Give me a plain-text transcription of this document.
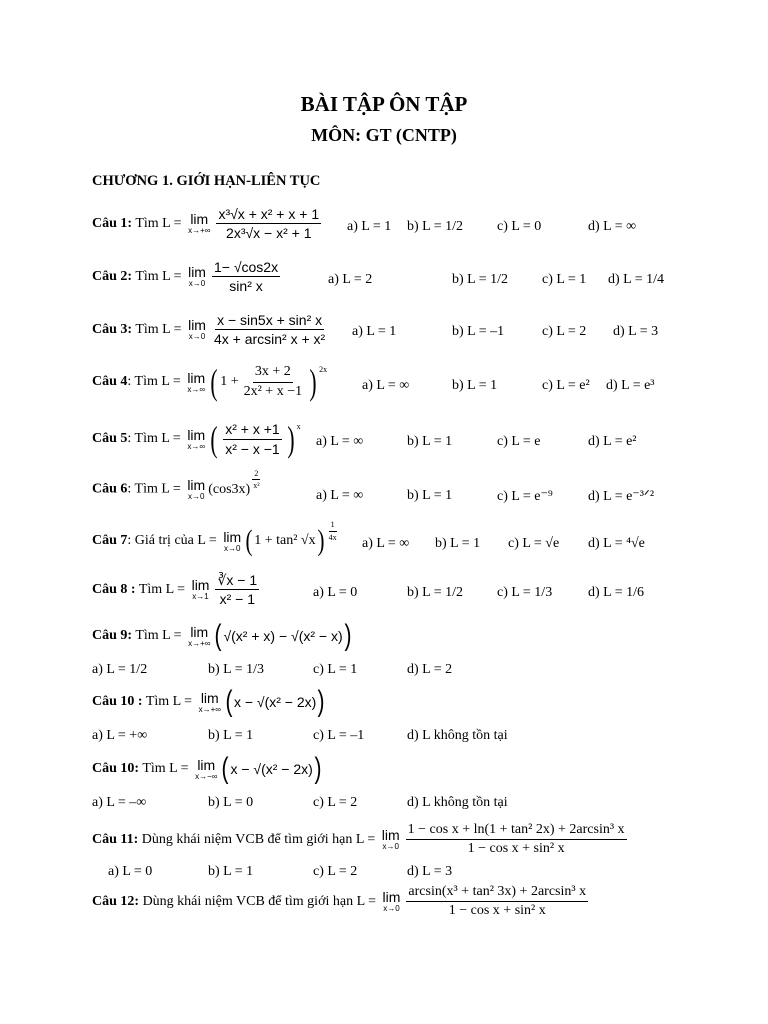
BÀI TẬP ÔN TẬP
MÔN: GT (CNTP)
CHƯƠNG 1. GIỚI HẠN-LIÊN TỤC
Câu 1: Tìm L = lim
$x\to+\infty \frac{\text{x³√x + x² + x + 1}}{\text{2x³√x − x² + 1}} a$) L = 1 b) L = 1/2 c) L = 0	d) L = ∞
Câu 2: Tìm L = lim
$x\to 0 \frac{1- √\cos 2x}{\text{sin² x}}$	a) L = 2	b) L = 1/2 c) L = 1 d) L = 1/4
Câu 3: Tìm L = lim
$x\to 0 \frac{\text{x − sin5x + sin² x}}{\text{4x + arcsin² x + x²}} a$) L = 1	b) L = –1	c) L = 2 d) L = 3
Câu 4: Tìm L = lim
x→∞ ( $1 + \frac{3x + 2}{\text{2x² + x −1}}$ ) 2x
a) L = ∞	b) L = 1	c) L = e² d) L = e³
Câu 5: Tìm L = lim
x→∞ ( $\frac{\text{x² + x +1}}{\text{x² − x −1}}$ ) x
a) L = ∞	b) L = 1	c) L = e	d) L = e²
Câu 6: Tìm L = lim
x→0 $(\cos 3x) \frac{2}{\text{x²}}$
a) L = ∞	b) L = 1	c) L = e⁻⁹	d) L = e⁻³ᐟ²
Câu 7: Giá trị của L = lim
x→0 ( 1 + tan² √x ) $\frac{1}{4x}$
a) L = ∞ b) L = 1 c) L = √e d) L = ⁴√e
Câu 8 : Tìm L = lim
$x\to 1 \frac{∛x - 1}{\text{x² − 1}}$	a) L = 0	b) L = 1/2 c) L = 1/3	d) L = 1/6
Câu 9: Tìm L = lim
x→+∞ ( √(x² + x) − √(x² − x) )
a) L = 1/2	b) L = 1/3	c) L = 1	d) L = 2
Câu 10 : Tìm L = lim
x→+∞ ( x − √(x² − 2x) )
a) L = +∞	b) L = 1	c) L = –1	d) L không tồn tại
Câu 10: Tìm L = lim
x→−∞ ( x − √(x² − 2x) )
a) L = –∞	b) L = 0	c) L = 2	d) L không tồn tại
Câu 11: Dùng khái niệm VCB để tìm giới hạn L = lim
$x\to 0 \frac{\text{1 − cos x + ln(1 + tan² 2x) + 2arcsin³ x}}{\text{1 − cos x + sin² x}}$
a) L = 0	b) L = 1	c) L = 2	d) L = 3
Câu 12: Dùng khái niệm VCB để tìm giới hạn L = lim
$x\to 0 \frac{\text{arcsin(x³ + tan² 3x) + 2arcsin³ x}}{\text{1 − cos x + sin² x}}$
